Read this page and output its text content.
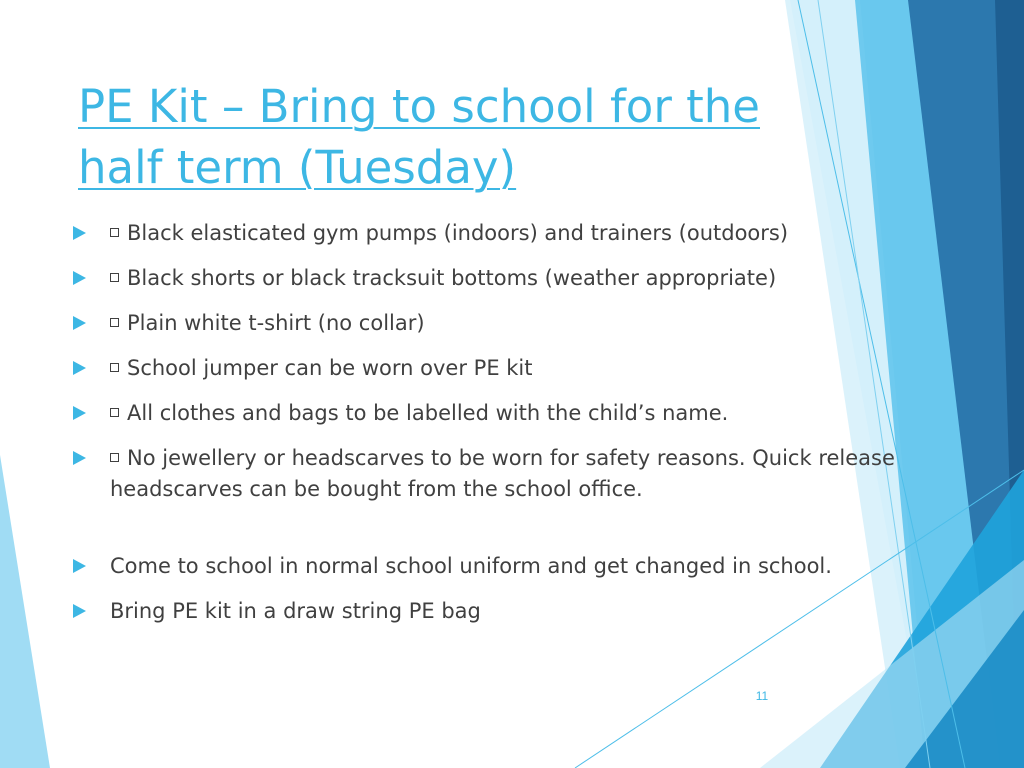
PE Kit – Bring to school for the
half term (Tuesday)
Black elasticated gym pumps (indoors) and trainers (outdoors)
Black shorts or black tracksuit bottoms (weather appropriate)
Plain white t-shirt (no collar)
School jumper can be worn over PE kit
All clothes and bags to be labelled with the child’s name.
No jewellery or headscarves to be worn for safety reasons. Quick release headscarves can be bought from the school office.
Come to school in normal school uniform and get changed in school.
Bring PE kit in a draw string PE bag
11
